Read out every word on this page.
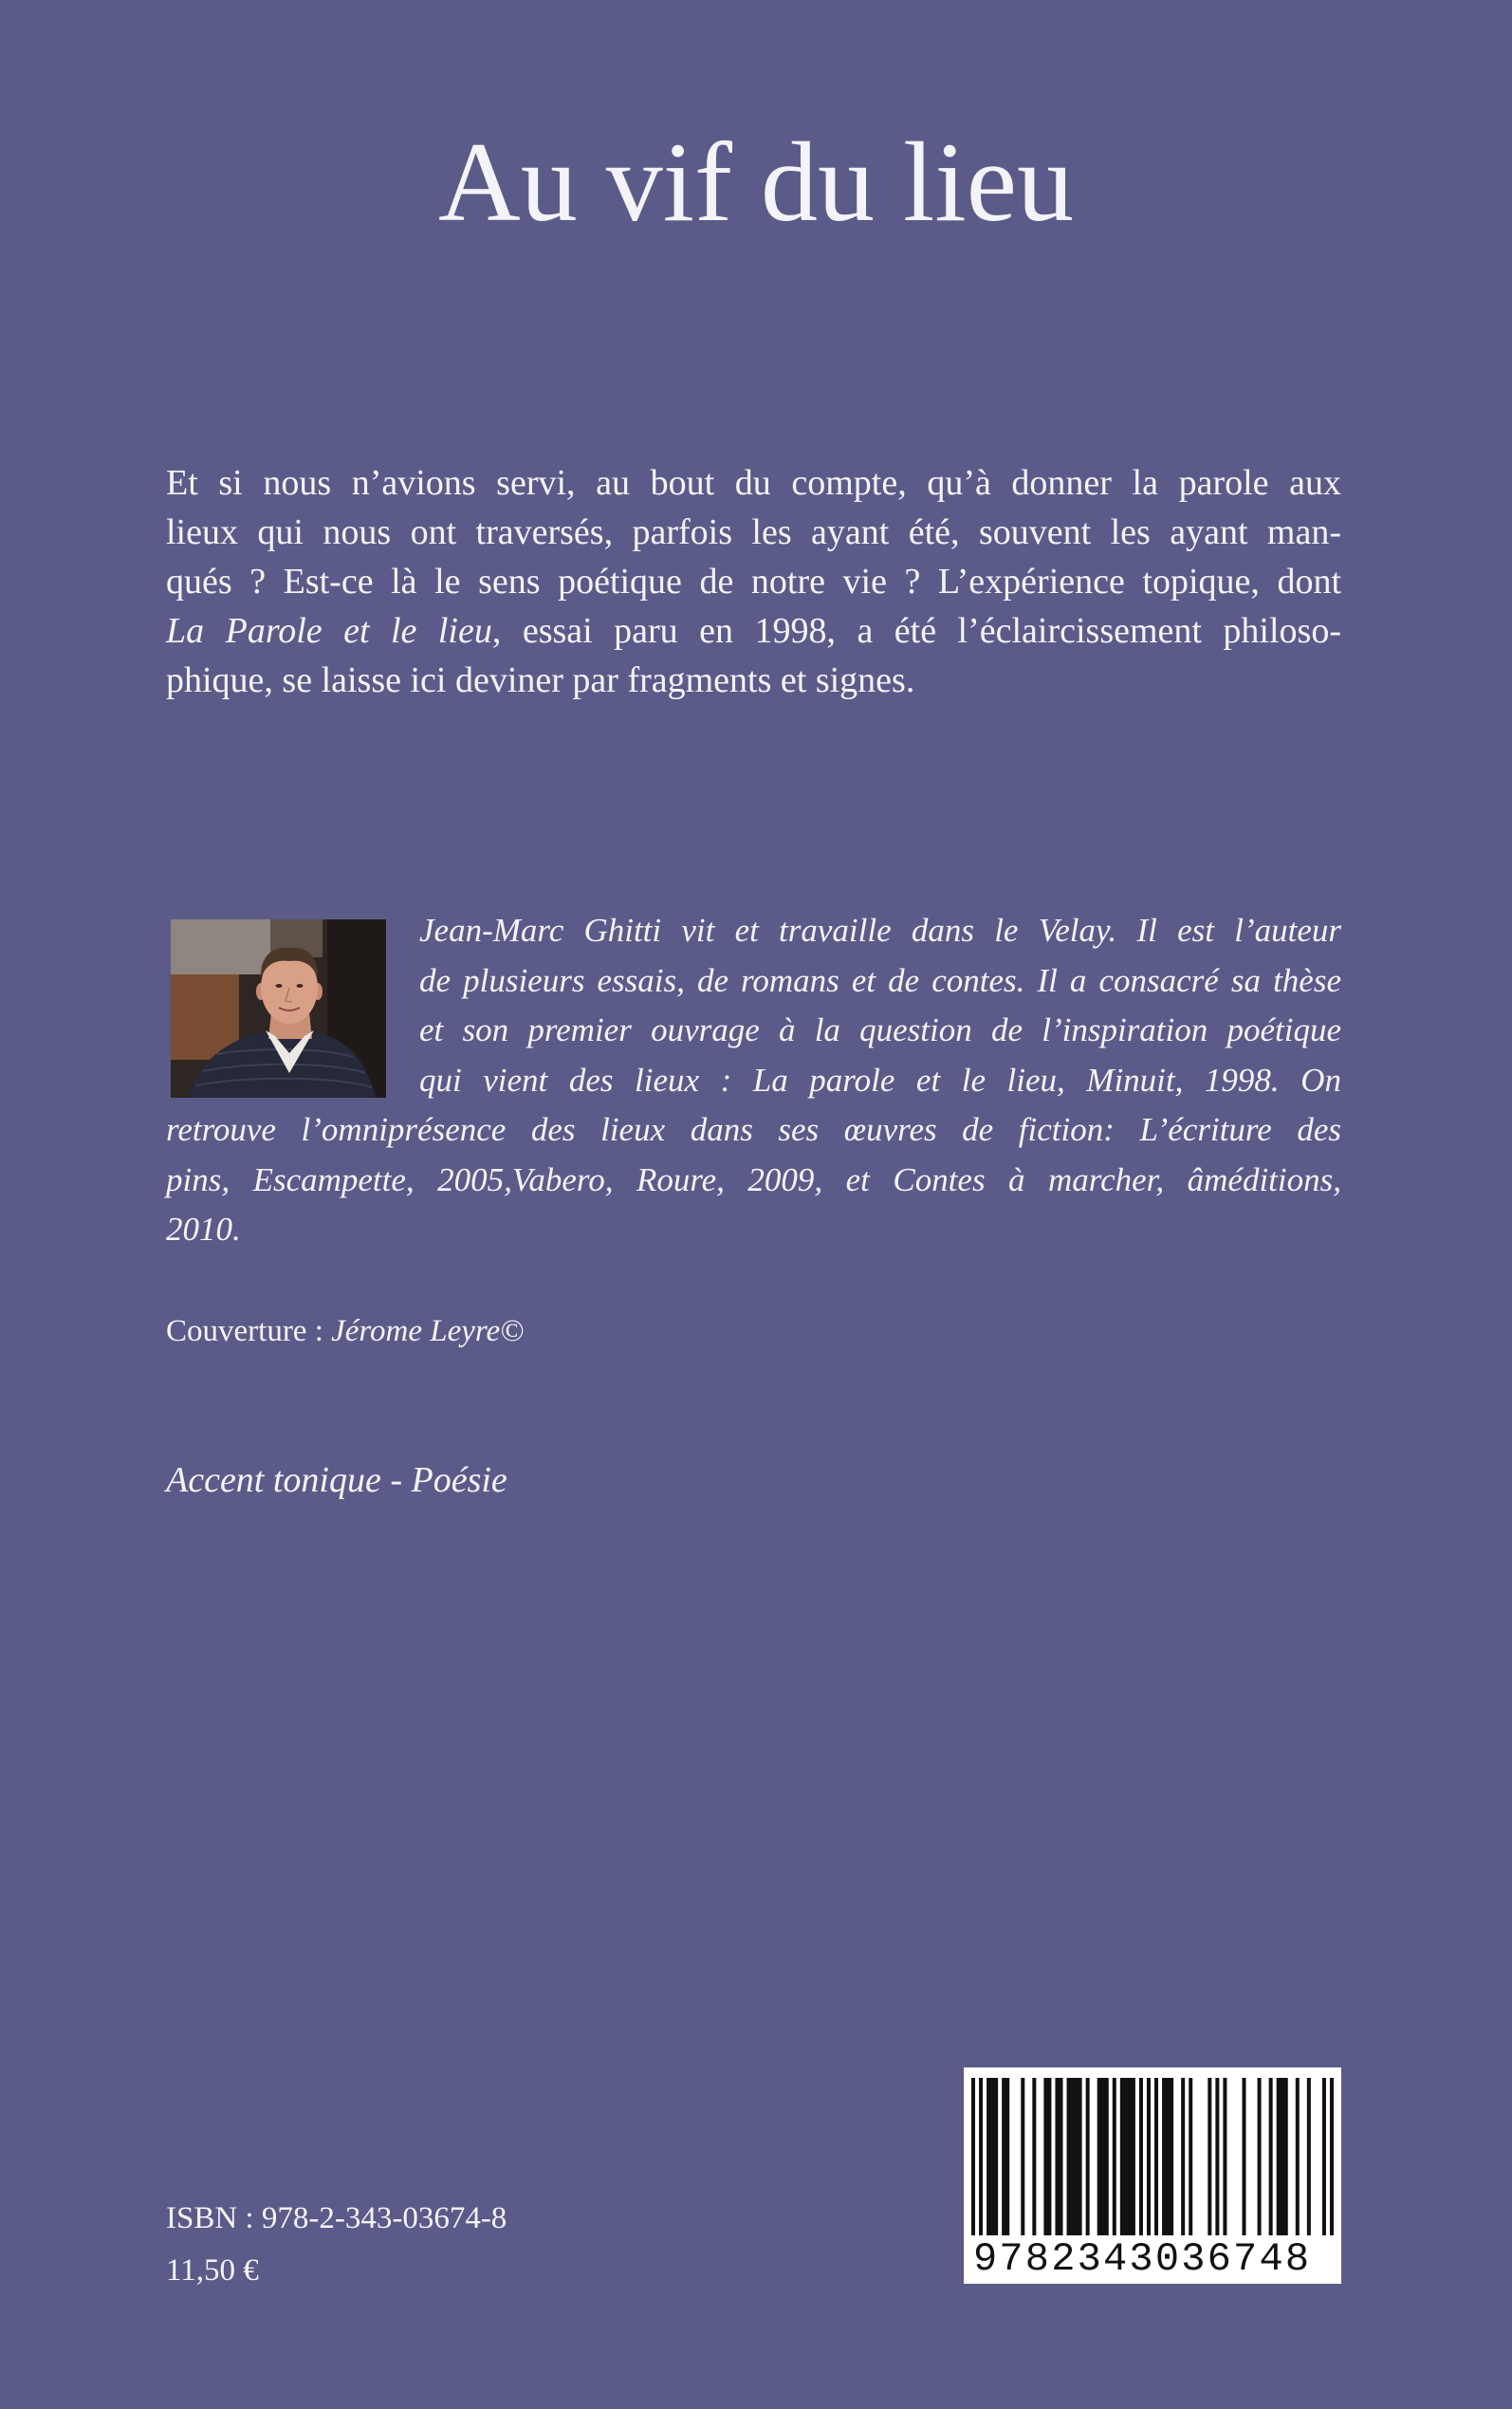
Au vif du lieu
Et si nous n’avions servi, au bout du compte, qu’à donner la parole aux
lieux qui nous ont traversés, parfois les ayant été, souvent les ayant man-
qués ? Est-ce là le sens poétique de notre vie ? L’expérience topique, dont
La Parole et le lieu, essai paru en 1998, a été l’éclaircissement philoso-
phique, se laisse ici deviner par fragments et signes.
Jean-Marc Ghitti vit et travaille dans le Velay. Il est l’auteur
de plusieurs essais, de romans et de contes. Il a consacré sa thèse
et son premier ouvrage à la question de l’inspiration poétique
qui vient des lieux : La parole et le lieu, Minuit, 1998. On
retrouve l’omniprésence des lieux dans ses œuvres de fiction: L’écriture des
pins, Escampette, 2005,Vabero, Roure, 2009, et Contes à marcher, âméditions,
2010.
Couverture : Jérome Leyre©
Accent tonique - Poésie
ISBN : 978-2-343-03674-8
11,50 €	9782343036748
